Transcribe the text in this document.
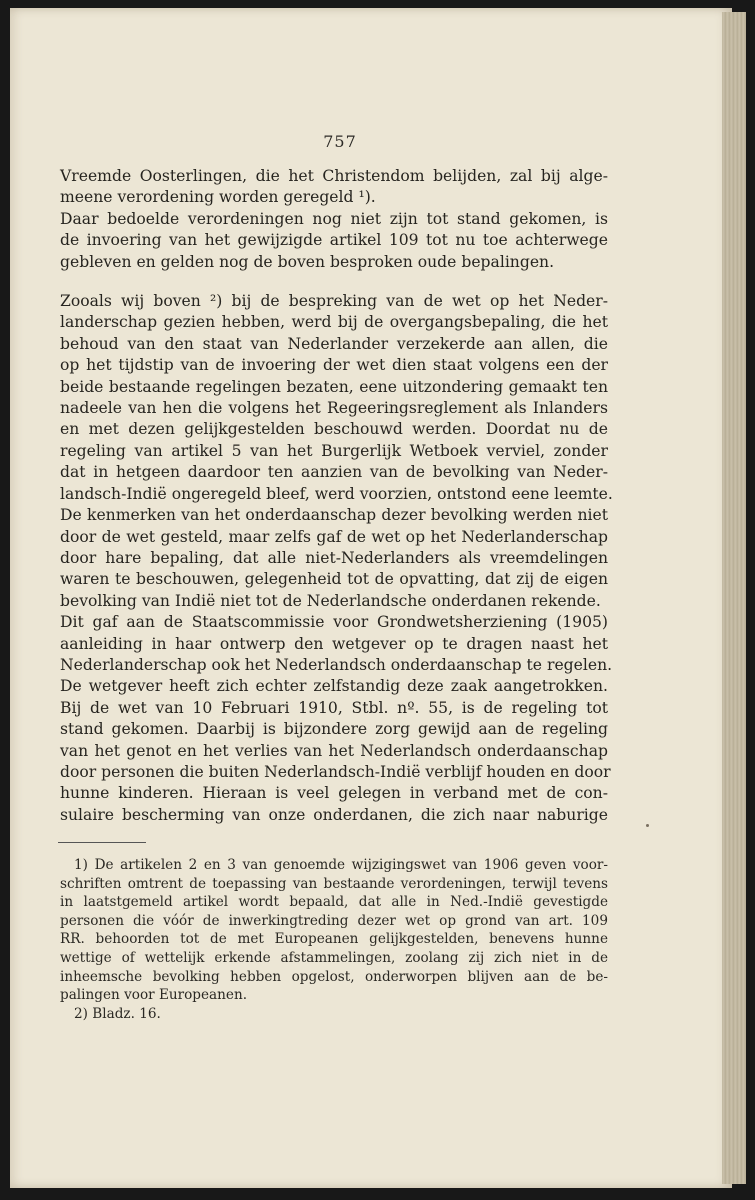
757
Vreemde Oosterlingen, die het Christendom belijden, zal bij alge-
meene verordening worden geregeld ¹).
Daar bedoelde verordeningen nog niet zijn tot stand gekomen, is
de invoering van het gewijzigde artikel 109 tot nu toe achterwege
gebleven en gelden nog de boven besproken oude bepalingen.
Zooals wij boven ²) bij de bespreking van de wet op het Neder-
landerschap gezien hebben, werd bij de overgangsbepaling, die het
behoud van den staat van Nederlander verzekerde aan allen, die
op het tijdstip van de invoering der wet dien staat volgens een der
beide bestaande regelingen bezaten, eene uitzondering gemaakt ten
nadeele van hen die volgens het Regeeringsreglement als Inlanders
en met dezen gelijkgestelden beschouwd werden. Doordat nu de
regeling van artikel 5 van het Burgerlijk Wetboek verviel, zonder
dat in hetgeen daardoor ten aanzien van de bevolking van Neder-
landsch-Indië ongeregeld bleef, werd voorzien, ontstond eene leemte.
De kenmerken van het onderdaanschap dezer bevolking werden niet
door de wet gesteld, maar zelfs gaf de wet op het Nederlanderschap
door hare bepaling, dat alle niet-Nederlanders als vreemdelingen
waren te beschouwen, gelegenheid tot de opvatting, dat zij de eigen
bevolking van Indië niet tot de Nederlandsche onderdanen rekende.
Dit gaf aan de Staatscommissie voor Grondwetsherziening (1905)
aanleiding in haar ontwerp den wetgever op te dragen naast het
Nederlanderschap ook het Nederlandsch onderdaanschap te regelen.
De wetgever heeft zich echter zelfstandig deze zaak aangetrokken.
Bij de wet van 10 Februari 1910, Stbl. nº. 55, is de regeling tot
stand gekomen. Daarbij is bijzondere zorg gewijd aan de regeling
van het genot en het verlies van het Nederlandsch onderdaanschap
door personen die buiten Nederlandsch-Indië verblijf houden en door
hunne kinderen. Hieraan is veel gelegen in verband met de con-
sulaire bescherming van onze onderdanen, die zich naar naburige
1) De artikelen 2 en 3 van genoemde wijzigingswet van 1906 geven voor-
schriften omtrent de toepassing van bestaande verordeningen, terwijl tevens
in laatstgemeld artikel wordt bepaald, dat alle in Ned.-Indië gevestigde
personen die vóór de inwerkingtreding dezer wet op grond van art. 109
RR. behoorden tot de met Europeanen gelijkgestelden, benevens hunne
wettige of wettelijk erkende afstammelingen, zoolang zij zich niet in de
inheemsche bevolking hebben opgelost, onderworpen blijven aan de be-
palingen voor Europeanen.
2) Bladz. 16.
